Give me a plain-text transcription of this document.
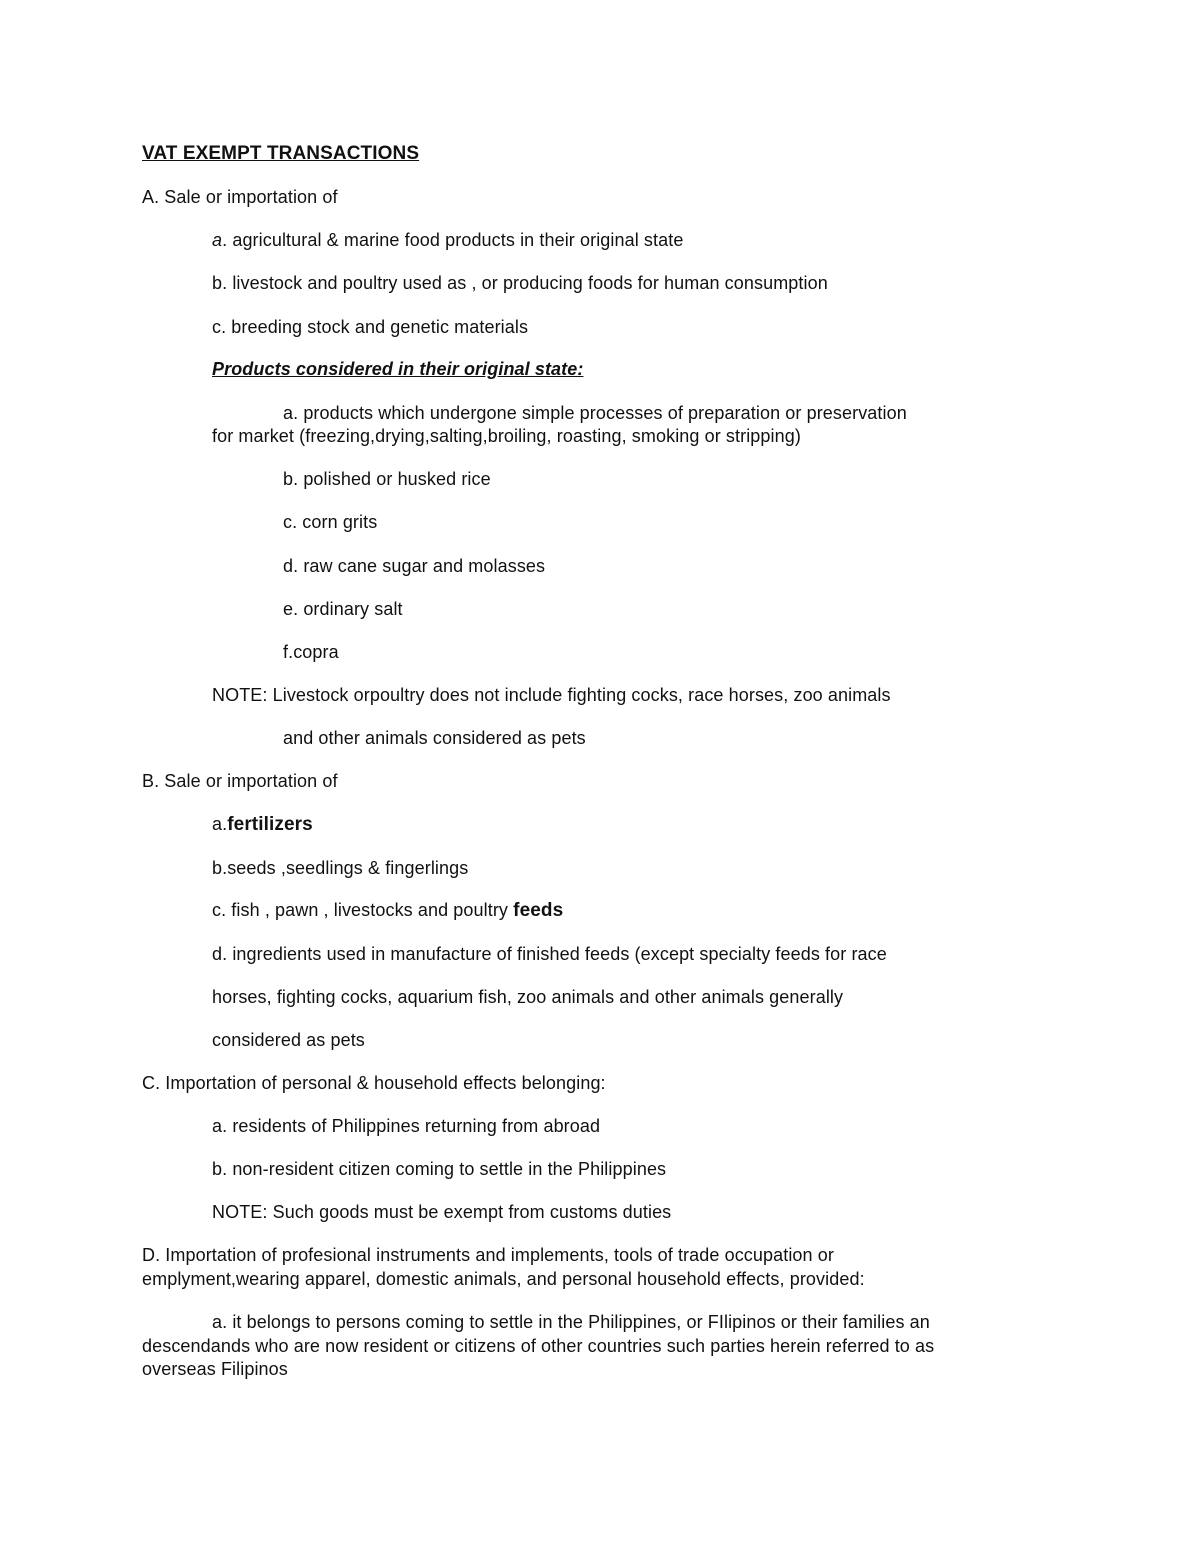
VAT EXEMPT TRANSACTIONS
A. Sale or importation of
a. agricultural & marine food products in their original state
b. livestock and poultry used as , or producing foods for human consumption
c. breeding stock and genetic materials
Products considered in their original state:
a. products which undergone simple processes of preparation or preservation
for market (freezing,drying,salting,broiling, roasting, smoking or stripping)
b. polished or husked rice
c. corn grits
d. raw cane sugar and molasses
e. ordinary salt
f.copra
NOTE: Livestock orpoultry does not include fighting cocks, race horses, zoo animals
and other animals considered as pets
B. Sale or importation of
a.fertilizers
b.seeds ,seedlings & fingerlings
c. fish , pawn , livestocks and poultry feeds
d. ingredients used in manufacture of finished feeds (except specialty feeds for race
horses, fighting cocks, aquarium fish, zoo animals and other animals generally
considered as pets
C. Importation of personal & household effects belonging:
a. residents of Philippines returning from abroad
b. non-resident citizen coming to settle in the Philippines
NOTE: Such goods must be exempt from customs duties
D. Importation of profesional instruments and implements, tools of trade occupation or
emplyment,wearing apparel, domestic animals, and personal household effects, provided:
a. it belongs to persons coming to settle in the Philippines, or FIlipinos or their families an
descendands who are now resident or citizens of other countries such parties herein referred to as
overseas Filipinos
